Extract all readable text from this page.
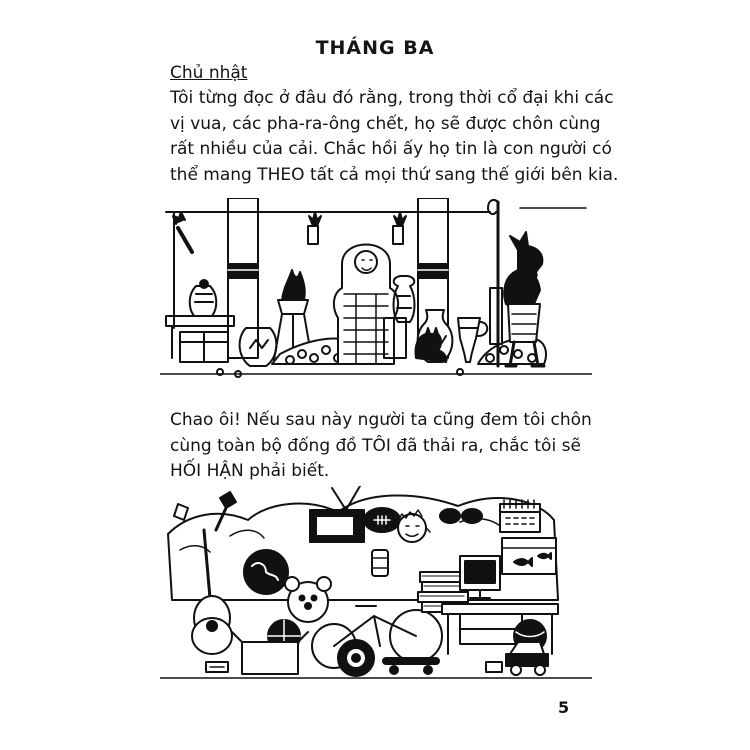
THÁNG BA
Chủ nhật
Tôi từng đọc ở đâu đó rằng, trong thời cổ đại khi các
vị vua, các pha-ra-ông chết, họ sẽ được chôn cùng
rất nhiều của cải. Chắc hồi ấy họ tin là con người có
thể mang THEO tất cả mọi thứ sang thế giới bên kia.
Chao ôi! Nếu sau này người ta cũng đem tôi chôn
cùng toàn bộ đống đồ TÔI đã thải ra, chắc tôi sẽ
HỐI HẬN phải biết.
5
